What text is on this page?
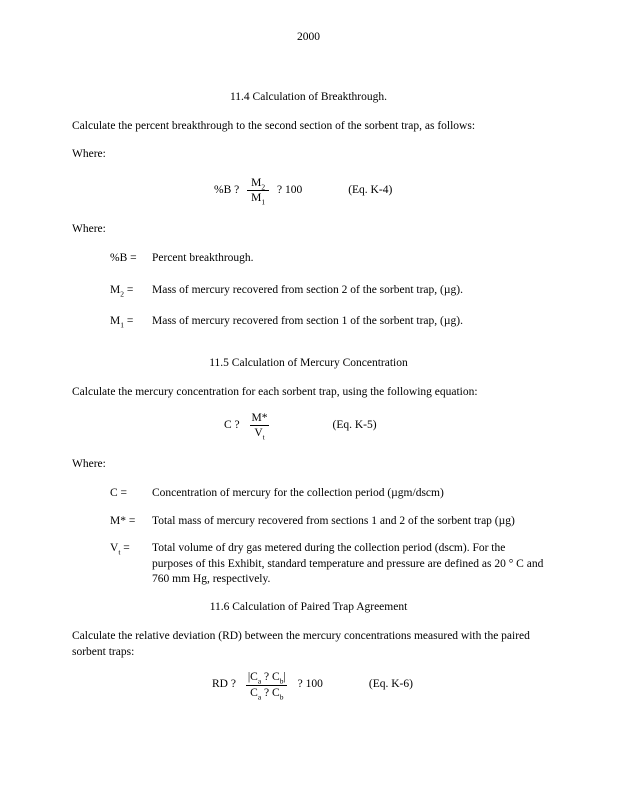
2000

11.4 Calculation of Breakthrough.

Calculate the percent breakthrough to the second section of the sorbent trap, as follows:

Where:

%B ? $\frac{M_2}{M_1}$ ? 100	(Eq. K-4)

Where:

%B =	Percent breakthrough.
$M_2$ =	Mass of mercury recovered from section 2 of the sorbent trap, (µg).
$M_1$ =	Mass of mercury recovered from section 1 of the sorbent trap, (µg).

11.5 Calculation of Mercury Concentration

Calculate the mercury concentration for each sorbent trap, using the following equation:

C ? $\frac{M*}{V_t}$	(Eq. K-5)

Where:

C =	Concentration of mercury for the collection period (µgm/dscm)
M* =	Total mass of mercury recovered from sections 1 and 2 of the sorbent trap (µg)
$V_t$ =	Total volume of dry gas metered during the collection period (dscm). For the purposes of this Exhibit, standard temperature and pressure are defined as 20 ° C and 760 mm Hg, respectively.

11.6 Calculation of Paired Trap Agreement

Calculate the relative deviation (RD) between the mercury concentrations measured with the paired sorbent traps:

RD ? $\frac{|C_a ? C_b|}{C_a ? C_b}$ ? 100	(Eq. K-6)
